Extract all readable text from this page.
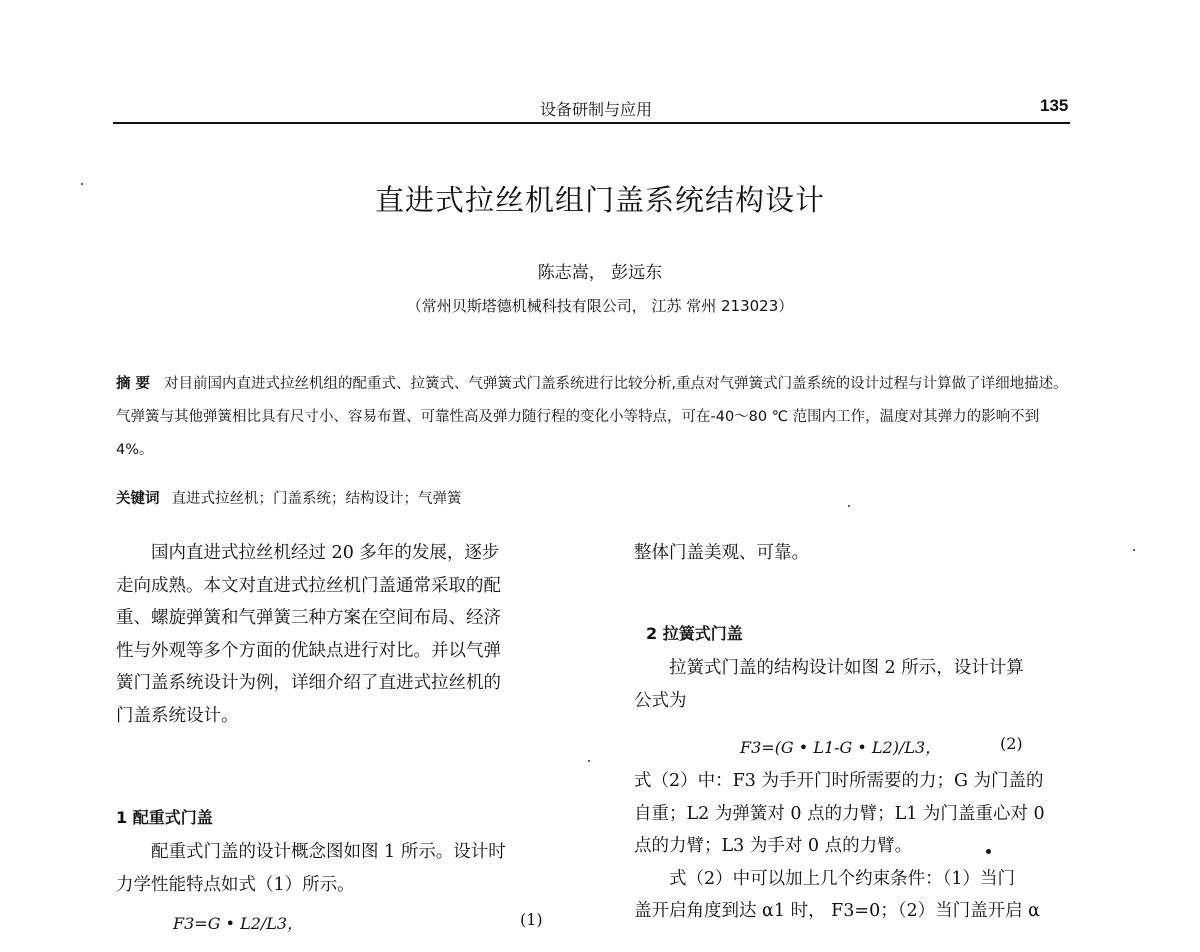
设备研制与应用	135
直进式拉丝机组门盖系统结构设计
陈志嵩， 彭远东
（常州贝斯塔德机械科技有限公司， 江苏 常州 213023）
摘 要 对目前国内直进式拉丝机组的配重式、拉簧式、气弹簧式门盖系统进行比较分析,重点对气弹簧式门盖系统的设计过程与计算做了详细地描述。气弹簧与其他弹簧相比具有尺寸小、容易布置、可靠性高及弹力随行程的变化小等特点，可在-40～80 ℃ 范围内工作，温度对其弹力的影响不到4%。
关键词 直进式拉丝机；门盖系统；结构设计；气弹簧
　　国内直进式拉丝机经过 20 多年的发展，逐步
走向成熟。本文对直进式拉丝机门盖通常采取的配
重、螺旋弹簧和气弹簧三种方案在空间布局、经济
性与外观等多个方面的优缺点进行对比。并以气弹
簧门盖系统设计为例，详细介绍了直进式拉丝机的
门盖系统设计。
1 配重式门盖
　　配重式门盖的设计概念图如图 1 所示。设计时
力学性能特点如式（1）所示。
F3=G • L2/L3，	(1)
整体门盖美观、可靠。
2 拉簧式门盖
　　拉簧式门盖的结构设计如图 2 所示，设计计算
公式为
F3=(G • L1-G • L2)/L3，	(2)
式（2）中：F3 为手开门时所需要的力；G 为门盖的
自重；L2 为弹簧对 0 点的力臂；L1 为门盖重心对 0
点的力臂；L3 为手对 0 点的力臂。
　　式（2）中可以加上几个约束条件：（1）当门
盖开启角度到达 α1 时， F3=0；（2）当门盖开启 α
